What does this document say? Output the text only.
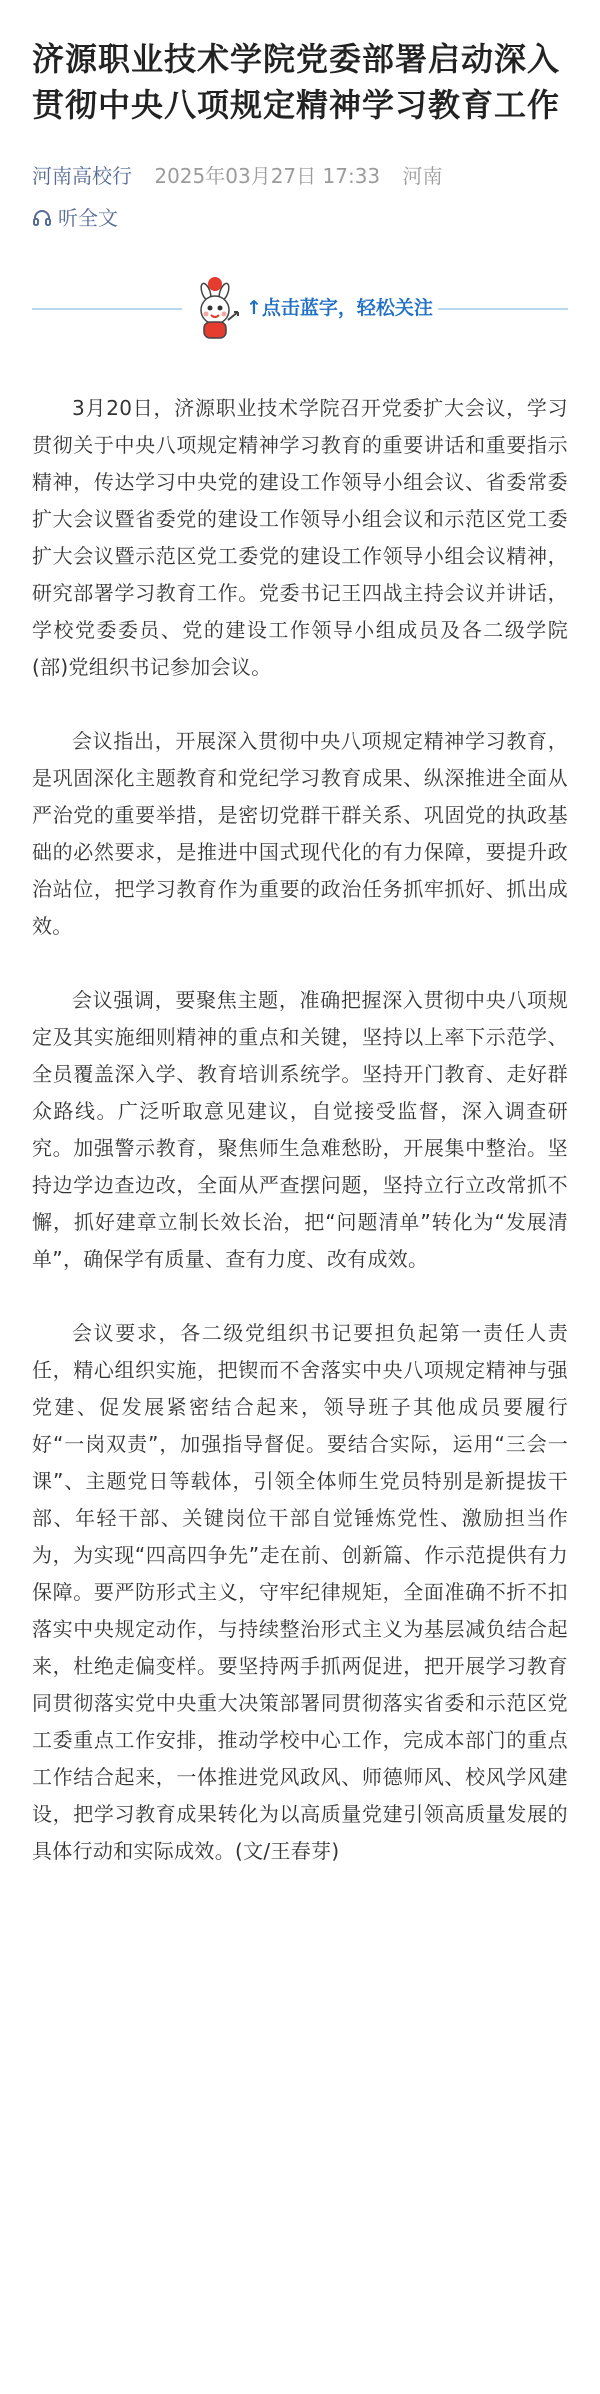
济源职业技术学院党委部署启动深入贯彻中央八项规定精神学习教育工作
河南高校行 2025年03月27日 17:33 河南
听全文
↑点击蓝字，轻松关注

3月20日，济源职业技术学院召开党委扩大会议，学习贯彻关于中央八项规定精神学习教育的重要讲话和重要指示精神，传达学习中央党的建设工作领导小组会议、省委常委扩大会议暨省委党的建设工作领导小组会议和示范区党工委扩大会议暨示范区党工委党的建设工作领导小组会议精神，研究部署学习教育工作。党委书记王四战主持会议并讲话，学校党委委员、党的建设工作领导小组成员及各二级学院(部)党组织书记参加会议。

会议指出，开展深入贯彻中央八项规定精神学习教育，是巩固深化主题教育和党纪学习教育成果、纵深推进全面从严治党的重要举措，是密切党群干群关系、巩固党的执政基础的必然要求，是推进中国式现代化的有力保障，要提升政治站位，把学习教育作为重要的政治任务抓牢抓好、抓出成效。

会议强调，要聚焦主题，准确把握深入贯彻中央八项规定及其实施细则精神的重点和关键，坚持以上率下示范学、全员覆盖深入学、教育培训系统学。坚持开门教育、走好群众路线。广泛听取意见建议，自觉接受监督，深入调查研究。加强警示教育，聚焦师生急难愁盼，开展集中整治。坚持边学边查边改，全面从严查摆问题，坚持立行立改常抓不懈，抓好建章立制长效长治，把“问题清单”转化为“发展清单”，确保学有质量、查有力度、改有成效。

会议要求，各二级党组织书记要担负起第一责任人责任，精心组织实施，把锲而不舍落实中央八项规定精神与强党建、促发展紧密结合起来，领导班子其他成员要履行好“一岗双责”，加强指导督促。要结合实际，运用“三会一课”、主题党日等载体，引领全体师生党员特别是新提拔干部、年轻干部、关键岗位干部自觉锤炼党性、激励担当作为，为实现“四高四争先”走在前、创新篇、作示范提供有力保障。要严防形式主义，守牢纪律规矩，全面准确不折不扣落实中央规定动作，与持续整治形式主义为基层减负结合起来，杜绝走偏变样。要坚持两手抓两促进，把开展学习教育同贯彻落实党中央重大决策部署同贯彻落实省委和示范区党工委重点工作安排，推动学校中心工作，完成本部门的重点工作结合起来，一体推进党风政风、师德师风、校风学风建设，把学习教育成果转化为以高质量党建引领高质量发展的具体行动和实际成效。(文/王春芽)
